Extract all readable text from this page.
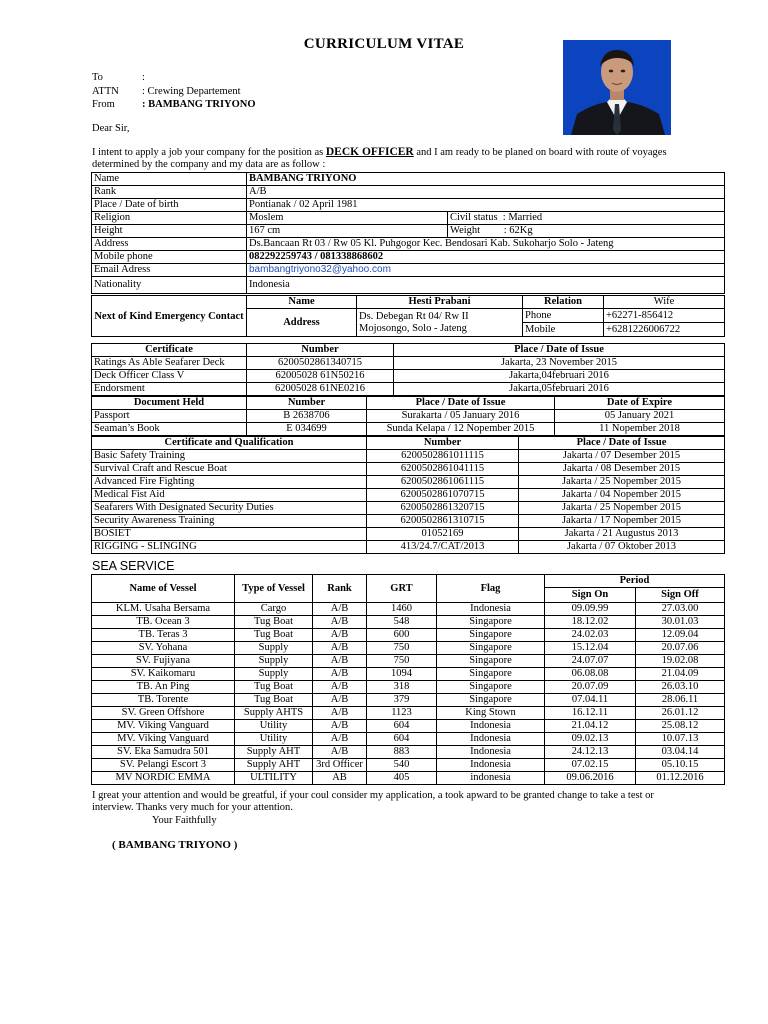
CURRICULUM VITAE
To	:
ATTN	: Crewing Departement
From	: BAMBANG TRIYONO
Dear Sir,
I intent to apply a job your company for the position as DECK OFFICER and I am ready to be planed on board with route of voyages determined by the company and my data are as follow :
Name	BAMBANG TRIYONO	
Rank	A/B	
Place / Date of birth	Pontianak / 02 April 1981	
Religion	Moslem	Civil status  : Married
Height	167 cm	Weight         : 62Kg
Address	Ds.Bancaan Rt 03 / Rw 05 Kl. Puhgogor Kec. Bendosari Kab. Sukoharjo Solo - Jateng	
Mobile phone	082292259743 / 081338868602	
Email Adress	bambangtriyono32@yahoo.com	
Nationality	Indonesia	
Next of Kind Emergency Contact	Name	Hesti Prabani	Relation	Wife
	Address	Ds. Debegan Rt 04/ Rw II Mojosongo, Solo - Jateng	Phone	+62271-856412
			Mobile	+6281226006722
Certificate	Number	Place / Date of Issue
Ratings As Able Seafarer Deck	6200502861340715	Jakarta, 23 November 2015
Deck Officer Class V	62005028 61N50216	Jakarta,04februari 2016
Endorsment	62005028 61NE0216	Jakarta,05februari 2016
Document Held	Number	Place / Date of Issue	Date of Expire
Passport	B 2638706	Surakarta / 05 January 2016	05 January 2021
Seaman’s Book	E 034699	Sunda Kelapa / 12 Nopember 2015	11 Nopember 2018
Certificate and Qualification	Number	Place / Date of Issue
Basic Safety Training	6200502861011115	Jakarta / 07 Desember 2015
Survival Craft and Rescue Boat	6200502861041115	Jakarta / 08 Desember 2015
Advanced Fire Fighting	6200502861061115	Jakarta / 25 Nopember 2015
Medical Fist Aid	6200502861070715	Jakarta / 04 Nopember 2015
Seafarers With Designated Security Duties	6200502861320715	Jakarta / 25 Nopember 2015
Security Awareness Training	6200502861310715	Jakarta / 17 Nopember 2015
BOSIET	01052169	Jakarta / 21 Augustus 2013
RIGGING - SLINGING	413/24.7/CAT/2013	Jakarta / 07 Oktober 2013
SEA SERVICE
Name of Vessel	Type of Vessel	Rank	GRT	Flag	Period	
					Sign On	Sign Off
KLM. Usaha Bersama	Cargo	A/B	1460	Indonesia	09.09.99	27.03.00
TB. Ocean 3	Tug Boat	A/B	548	Singapore	18.12.02	30.01.03
TB. Teras 3	Tug Boat	A/B	600	Singapore	24.02.03	12.09.04
SV. Yohana	Supply	A/B	750	Singapore	15.12.04	20.07.06
SV. Fujiyana	Supply	A/B	750	Singapore	24.07.07	19.02.08
SV. Kaikomaru	Supply	A/B	1094	Singapore	06.08.08	21.04.09
TB. An Ping	Tug Boat	A/B	318	Singapore	20.07.09	26.03.10
TB. Torente	Tug Boat	A/B	379	Singapore	07.04.11	28.06.11
SV. Green Offshore	Supply AHTS	A/B	1123	King Stown	16.12.11	26.01.12
MV. Viking Vanguard	Utility	A/B	604	Indonesia	21.04.12	25.08.12
MV. Viking Vanguard	Utility	A/B	604	Indonesia	09.02.13	10.07.13
SV. Eka Samudra 501	Supply AHT	A/B	883	Indonesia	24.12.13	03.04.14
SV. Pelangi Escort 3	Supply AHT	3rd Officer	540	Indonesia	07.02.15	05.10.15
MV NORDIC EMMA	ULTILITY	AB	405	indonesia	09.06.2016	01.12.2016
I great your attention and would be greatful, if your coul consider my application, a took apward to be granted change to take a test or interview. Thanks very much for your attention.
Your Faithfully
( BAMBANG TRIYONO )
